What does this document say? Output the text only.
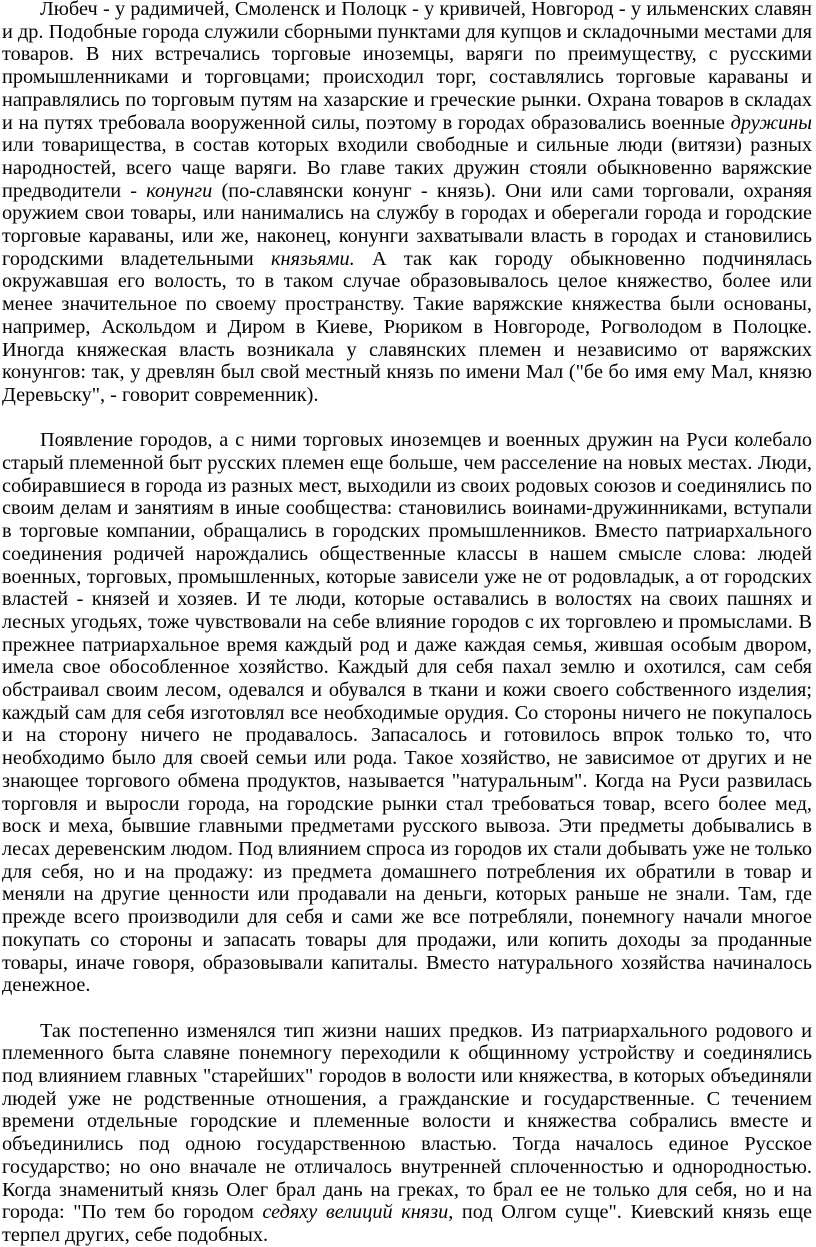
Любеч - у радимичей, Смоленск и Полоцк - у кривичей, Новгород - у ильменских славян и др. Подобные города служили сборными пунктами для купцов и складочными местами для товаров. В них встречались торговые иноземцы, варяги по преимуществу, с русскими промышленниками и торговцами; происходил торг, составлялись торговые караваны и направлялись по торговым путям на хазарские и греческие рынки. Охрана товаров в складах и на путях требовала вооруженной силы, поэтому в городах образовались военные дружины или товарищества, в состав которых входили свободные и сильные люди (витязи) разных народностей, всего чаще варяги. Во главе таких дружин стояли обыкновенно варяжские предводители - конунги (по-славянски конунг - князь). Они или сами торговали, охраняя оружием свои товары, или нанимались на службу в городах и оберегали города и городские торговые караваны, или же, наконец, конунги захватывали власть в городах и становились городскими владетельными князьями. А так как городу обыкновенно подчинялась окружавшая его волость, то в таком случае образовывалось целое княжество, более или менее значительное по своему пространству. Такие варяжские княжества были основаны, например, Аскольдом и Диром в Киеве, Рюриком в Новгороде, Рогволодом в Полоцке. Иногда княжеская власть возникала у славянских племен и независимо от варяжских конунгов: так, у древлян был свой местный князь по имени Мал ("бе бо имя ему Мал, князю Деревьску", - говорит современник).

Появление городов, а с ними торговых иноземцев и военных дружин на Руси колебало старый племенной быт русских племен еще больше, чем расселение на новых местах. Люди, собиравшиеся в города из разных мест, выходили из своих родовых союзов и соединялись по своим делам и занятиям в иные сообщества: становились воинами-дружинниками, вступали в торговые компании, обращались в городских промышленников. Вместо патриархального соединения родичей нарождались общественные классы в нашем смысле слова: людей военных, торговых, промышленных, которые зависели уже не от родовладык, а от городских властей - князей и хозяев. И те люди, которые оставались в волостях на своих пашнях и лесных угодьях, тоже чувствовали на себе влияние городов с их торговлею и промыслами. В прежнее патриархальное время каждый род и даже каждая семья, жившая особым двором, имела свое обособленное хозяйство. Каждый для себя пахал землю и охотился, сам себя обстраивал своим лесом, одевался и обувался в ткани и кожи своего собственного изделия; каждый сам для себя изготовлял все необходимые орудия. Со стороны ничего не покупалось и на сторону ничего не продавалось. Запасалось и готовилось впрок только то, что необходимо было для своей семьи или рода. Такое хозяйство, не зависимое от других и не знающее торгового обмена продуктов, называется "натуральным". Когда на Руси развилась торговля и выросли города, на городские рынки стал требоваться товар, всего более мед, воск и меха, бывшие главными предметами русского вывоза. Эти предметы добывались в лесах деревенским людом. Под влиянием спроса из городов их стали добывать уже не только для себя, но и на продажу: из предмета домашнего потребления их обратили в товар и меняли на другие ценности или продавали на деньги, которых раньше не знали. Там, где прежде всего производили для себя и сами же все потребляли, понемногу начали многое покупать со стороны и запасать товары для продажи, или копить доходы за проданные товары, иначе говоря, образовывали капиталы. Вместо натурального хозяйства начиналось денежное.

Так постепенно изменялся тип жизни наших предков. Из патриархального родового и племенного быта славяне понемногу переходили к общинному устройству и соединялись под влиянием главных "старейших" городов в волости или княжества, в которых объединяли людей уже не родственные отношения, а гражданские и государственные. С течением времени отдельные городские и племенные волости и княжества собрались вместе и объединились под одною государственною властью. Тогда началось единое Русское государство; но оно вначале не отличалось внутренней сплоченностью и однородностью. Когда знаменитый князь Олег брал дань на греках, то брал ее не только для себя, но и на города: "По тем бо городом седяху велиций князи, под Олгом суще". Киевский князь еще терпел других, себе подобных.
